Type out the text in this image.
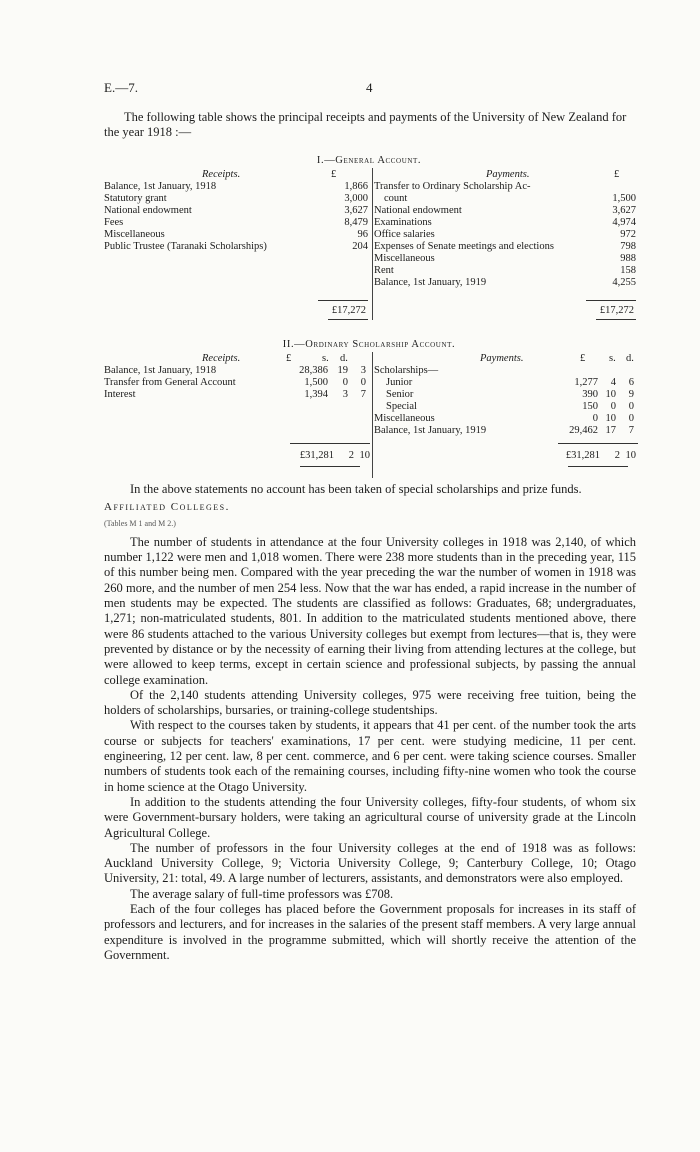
E.—7.	4

The following table shows the principal receipts and payments of the University of New Zealand for the year 1918 :—

I.—General Account.
Receipts.	£
Balance, 1st January, 1918	1,866
Statutory grant	3,000
National endowment	3,627
Fees	8,479
Miscellaneous	96
Public Trustee (Taranaki Scholarships)	204
Payments.	£
Transfer to Ordinary Scholarship Ac-
count	1,500
National endowment	3,627
Examinations	4,974
Office salaries	972
Expenses of Senate meetings and elections	798
Miscellaneous	988
Rent	158
Balance, 1st January, 1919	4,255
£17,272	£17,272
II.—Ordinary Scholarship Account.
Receipts.	£	s. d.
Balance, 1st January, 1918	28,386 19 3
Transfer from General Account	1,500 0 0
Interest	1,394 3 7
Payments.	£ s. d.
Scholarships—
Junior	1,277 4 6
Senior	390 10 9
Special	150 0 0
Miscellaneous	0 10 0
Balance, 1st January, 1919	29,462 17 7
£31,281 2 10	£31,281 2 10

In the above statements no account has been taken of special scholarships and prize funds.

Affiliated Colleges.

(Tables M 1 and M 2.)

The number of students in attendance at the four University colleges in 1918 was 2,140, of which number 1,122 were men and 1,018 women. There were 238 more students than in the preceding year, 115 of this number being men. Compared with the year preceding the war the number of women in 1918 was 260 more, and the number of men 254 less. Now that the war has ended, a rapid increase in the number of men students may be expected. The students are classified as follows: Graduates, 68; undergraduates, 1,271; non-matriculated students, 801. In addition to the matriculated students mentioned above, there were 86 students attached to the various University colleges but exempt from lectures—that is, they were prevented by distance or by the necessity of earning their living from attending lectures at the college, but were allowed to keep terms, except in certain science and professional subjects, by passing the annual college examination.

Of the 2,140 students attending University colleges, 975 were receiving free tuition, being the holders of scholarships, bursaries, or training-college studentships.

With respect to the courses taken by students, it appears that 41 per cent. of the number took the arts course or subjects for teachers' examinations, 17 per cent. were studying medicine, 11 per cent. engineering, 12 per cent. law, 8 per cent. commerce, and 6 per cent. were taking science courses. Smaller numbers of students took each of the remaining courses, including fifty-nine women who took the course in home science at the Otago University.

In addition to the students attending the four University colleges, fifty-four students, of whom six were Government-bursary holders, were taking an agricultural course of university grade at the Lincoln Agricultural College.

The number of professors in the four University colleges at the end of 1918 was as follows: Auckland University College, 9; Victoria University College, 9; Canterbury College, 10; Otago University, 21: total, 49. A large number of lecturers, assistants, and demonstrators were also employed.

The average salary of full-time professors was £708.

Each of the four colleges has placed before the Government proposals for increases in its staff of professors and lecturers, and for increases in the salaries of the present staff members. A very large annual expenditure is involved in the programme submitted, which will shortly receive the attention of the Government.
